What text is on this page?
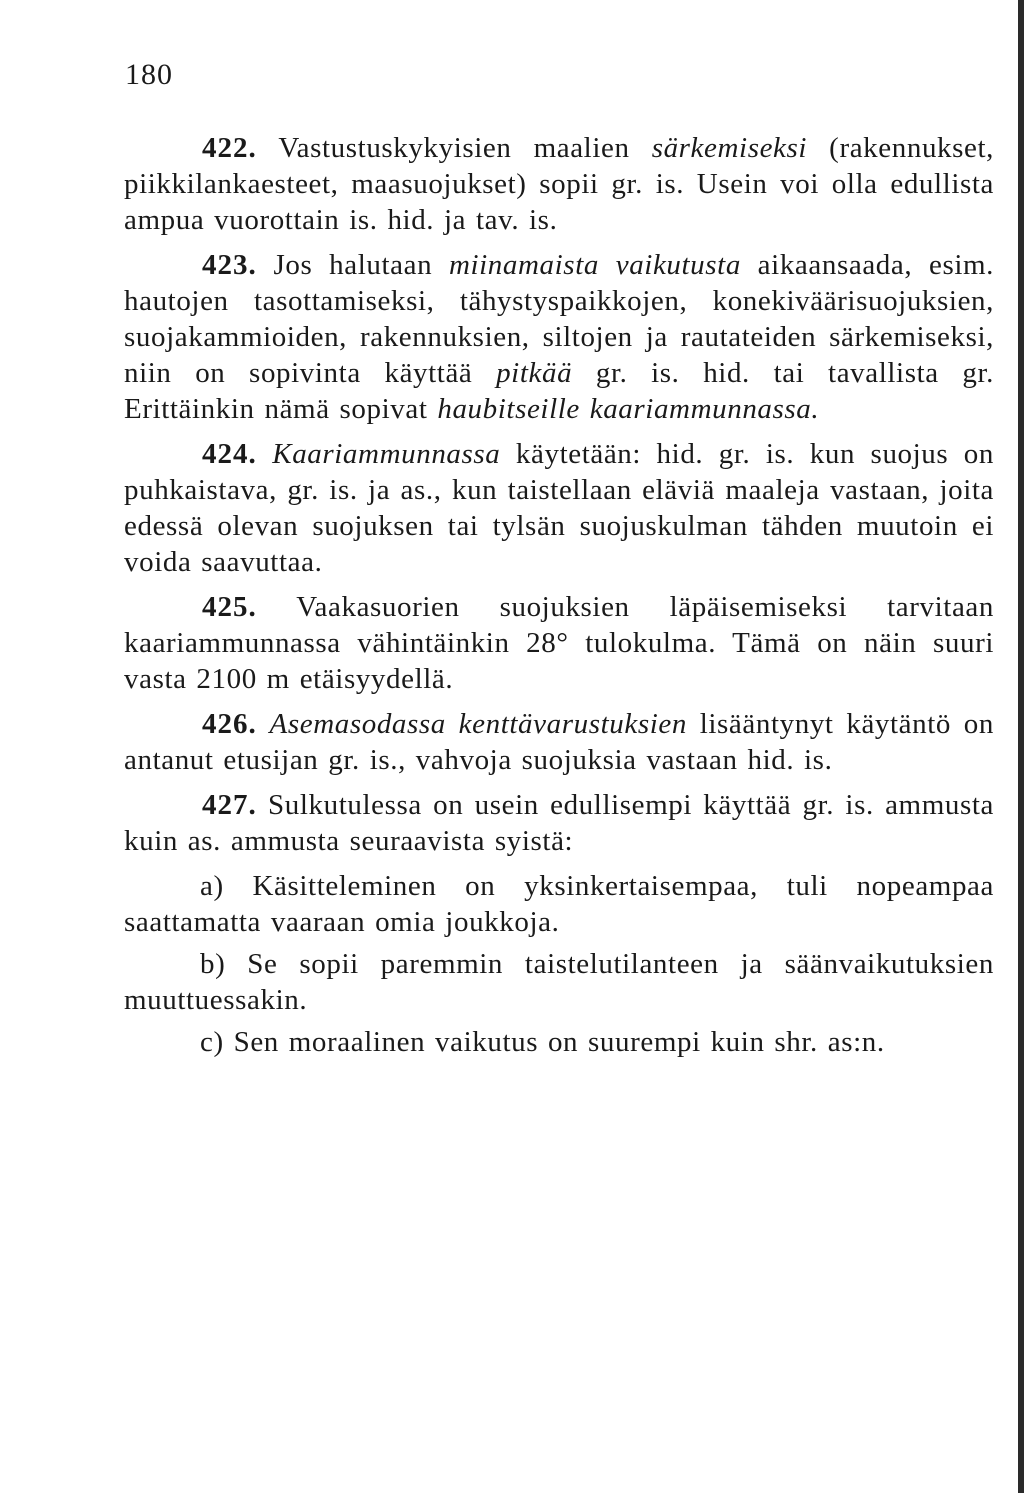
180

422. Vastustuskykyisien maalien särkemiseksi (rakennukset, piikkilankaesteet, maasuojukset) sopii gr. is. Usein voi olla edullista ampua vuorottain is. hid. ja tav. is.

423. Jos halutaan miinamaista vaikutusta aikaansaada, esim. hautojen tasottamiseksi, tähystyspaikkojen, konekiväärisuojuksien, suojakammioiden, rakennuksien, siltojen ja rautateiden särkemiseksi, niin on sopivinta käyttää pitkää gr. is. hid. tai tavallista gr. Erittäinkin nämä sopivat haubitseille kaariammunnassa.

424. Kaariammunnassa käytetään: hid. gr. is. kun suojus on puhkaistava, gr. is. ja as., kun taistellaan eläviä maaleja vastaan, joita edessä olevan suojuksen tai tylsän suojuskulman tähden muutoin ei voida saavuttaa.

425. Vaakasuorien suojuksien läpäisemiseksi tarvitaan kaariammunnassa vähintäinkin 28° tulokulma. Tämä on näin suuri vasta 2100 m etäisyydellä.

426. Asemasodassa kenttävarustuksien lisääntynyt käytäntö on antanut etusijan gr. is., vahvoja suojuksia vastaan hid. is.

427. Sulkutulessa on usein edullisempi käyttää gr. is. ammusta kuin as. ammusta seuraavista syistä:

a) Käsitteleminen on yksinkertaisempaa, tuli nopeampaa saattamatta vaaraan omia joukkoja.

b) Se sopii paremmin taistelutilanteen ja säänvaikutuksien muuttuessakin.

c) Sen moraalinen vaikutus on suurempi kuin shr. as:n.
